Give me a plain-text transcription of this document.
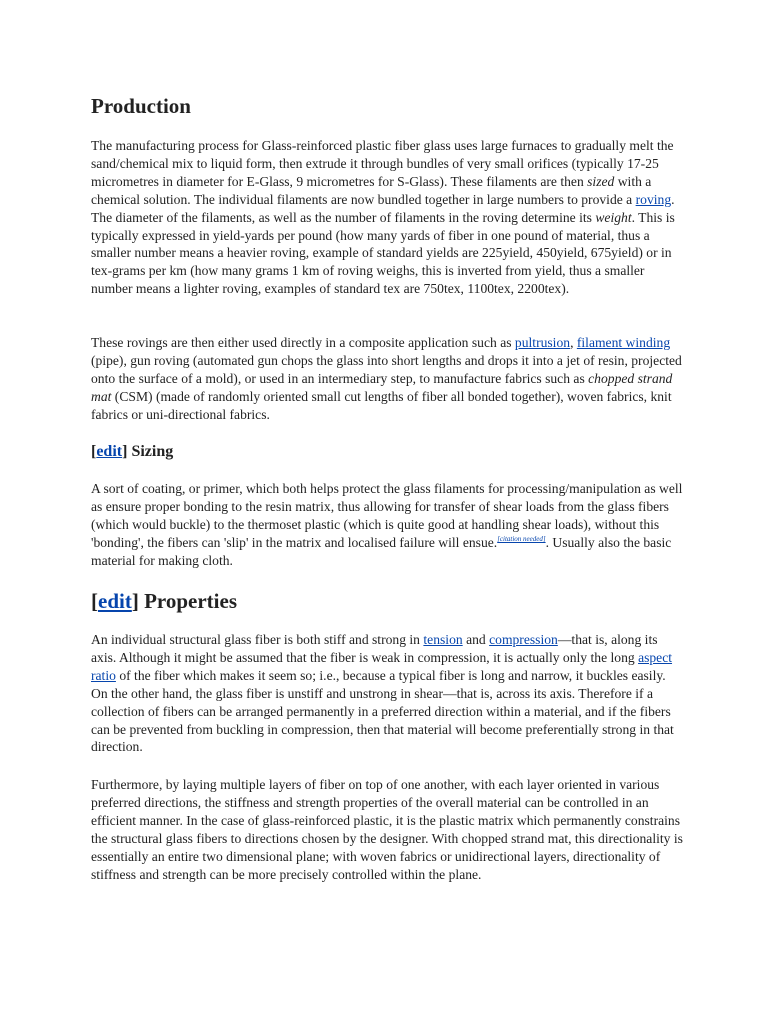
Production

The manufacturing process for Glass-reinforced plastic fiber glass uses large furnaces to gradually melt the sand/chemical mix to liquid form, then extrude it through bundles of very small orifices (typically 17-25 micrometres in diameter for E-Glass, 9 micrometres for S-Glass). These filaments are then sized with a chemical solution. The individual filaments are now bundled together in large numbers to provide a roving. The diameter of the filaments, as well as the number of filaments in the roving determine its weight. This is typically expressed in yield-yards per pound (how many yards of fiber in one pound of material, thus a smaller number means a heavier roving, example of standard yields are 225yield, 450yield, 675yield) or in tex-grams per km (how many grams 1 km of roving weighs, this is inverted from yield, thus a smaller number means a lighter roving, examples of standard tex are 750tex, 1100tex, 2200tex).

These rovings are then either used directly in a composite application such as pultrusion, filament winding (pipe), gun roving (automated gun chops the glass into short lengths and drops it into a jet of resin, projected onto the surface of a mold), or used in an intermediary step, to manufacture fabrics such as chopped strand mat (CSM) (made of randomly oriented small cut lengths of fiber all bonded together), woven fabrics, knit fabrics or uni-directional fabrics.

[edit] Sizing

A sort of coating, or primer, which both helps protect the glass filaments for processing/manipulation as well as ensure proper bonding to the resin matrix, thus allowing for transfer of shear loads from the glass fibers (which would buckle) to the thermoset plastic (which is quite good at handling shear loads), without this 'bonding', the fibers can 'slip' in the matrix and localised failure will ensue.[citation needed]. Usually also the basic material for making cloth.

[edit] Properties

An individual structural glass fiber is both stiff and strong in tension and compression—that is, along its axis. Although it might be assumed that the fiber is weak in compression, it is actually only the long aspect ratio of the fiber which makes it seem so; i.e., because a typical fiber is long and narrow, it buckles easily. On the other hand, the glass fiber is unstiff and unstrong in shear—that is, across its axis. Therefore if a collection of fibers can be arranged permanently in a preferred direction within a material, and if the fibers can be prevented from buckling in compression, then that material will become preferentially strong in that direction.

Furthermore, by laying multiple layers of fiber on top of one another, with each layer oriented in various preferred directions, the stiffness and strength properties of the overall material can be controlled in an efficient manner. In the case of glass-reinforced plastic, it is the plastic matrix which permanently constrains the structural glass fibers to directions chosen by the designer. With chopped strand mat, this directionality is essentially an entire two dimensional plane; with woven fabrics or unidirectional layers, directionality of stiffness and strength can be more precisely controlled within the plane.
